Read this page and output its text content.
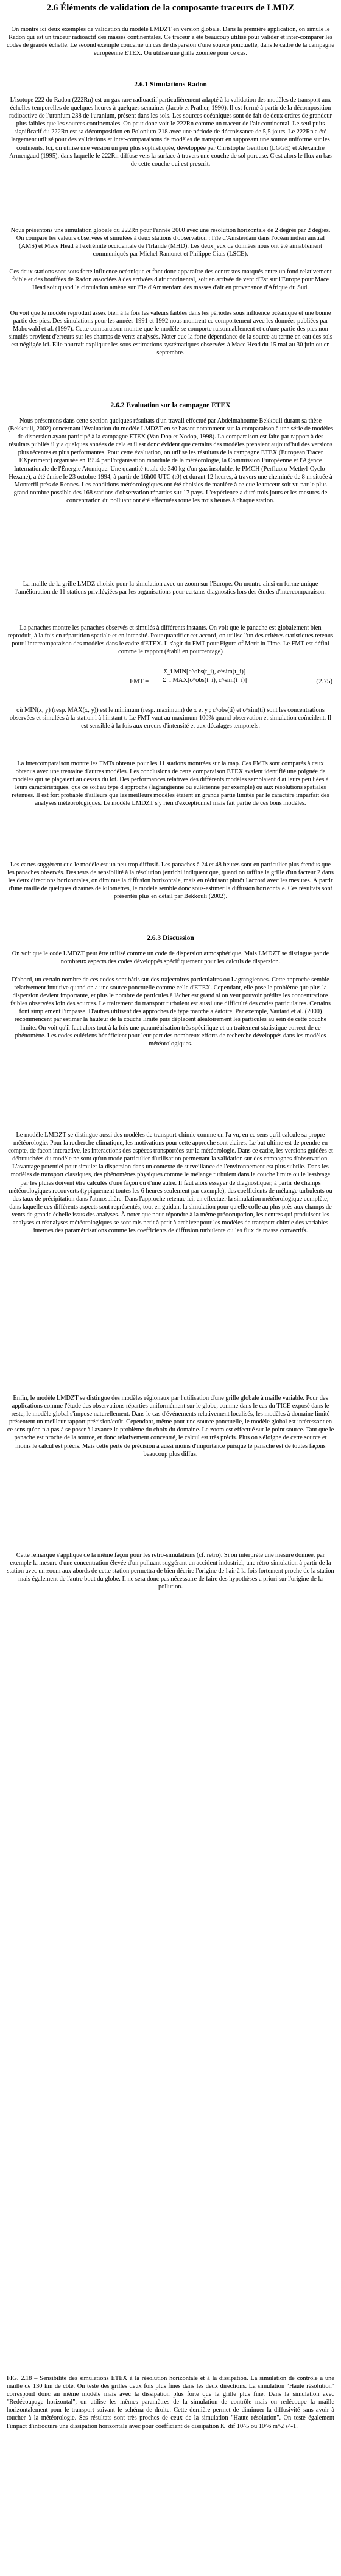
2.6 Éléments de validation de la composante traceurs de LMDZ

On montre ici deux exemples de validation du modèle LMDZT en version globale. Dans la première application, on simule le Radon qui est un traceur radioactif des masses continentales. Ce traceur a été beaucoup utilisé pour valider et inter-comparer les codes de grande échelle. Le second exemple concerne un cas de dispersion d'une source ponctuelle, dans le cadre de la campagne européenne ETEX. On utilise une grille zoomée pour ce cas.

2.6.1 Simulations Radon

L'isotope 222 du Radon (222Rn) est un gaz rare radioactif particulièrement adapté à la validation des modèles de transport aux échelles temporelles de quelques heures à quelques semaines (Jacob et Prather, 1990). Il est formé à partir de la décomposition radioactive de l'uranium 238 de l'uranium, présent dans les sols. Les sources océaniques sont de fait de deux ordres de grandeur plus faibles que les sources continentales. On peut donc voir le 222Rn comme un traceur de l'air continental. Le seul puits significatif du 222Rn est sa décomposition en Polonium-218 avec une période de décroissance de 5,5 jours. Le 222Rn a été largement utilisé pour des validations et inter-comparaisons de modèles de transport en supposant une source uniforme sur les continents. Ici, on utilise une version un peu plus sophistiquée, développée par Christophe Genthon (LGGE) et Alexandre Armengaud (1995), dans laquelle le 222Rn diffuse vers la surface à travers une couche de sol poreuse. C'est alors le flux au bas de cette couche qui est prescrit.

Nous présentons une simulation globale du 222Rn pour l'année 2000 avec une résolution horizontale de 2 degrés par 2 degrés. On compare les valeurs observées et simulées à deux stations d'observation : l'île d'Amsterdam dans l'océan indien austral (AMS) et Mace Head à l'extrémité occidentale de l'Irlande (MHD). Les deux jeux de données nous ont été aimablement communiqués par Michel Ramonet et Philippe Ciais (LSCE).

Ces deux stations sont sous forte influence océanique et font donc apparaître des contrastes marqués entre un fond relativement faible et des bouffées de Radon associées à des arrivées d'air continental, soit en arrivée de vent d'Est sur l'Europe pour Mace Head soit quand la circulation amène sur l'île d'Amsterdam des masses d'air en provenance d'Afrique du Sud.

On voit que le modèle reproduit assez bien à la fois les valeurs faibles dans les périodes sous influence océanique et une bonne partie des pics. Des simulations pour les années 1991 et 1992 nous montrent ce comportement avec les données publiées par Mahowald et al. (1997). Cette comparaison montre que le modèle se comporte raisonnablement et qu'une partie des pics non simulés provient d'erreurs sur les champs de vents analysés. Noter que la forte dépendance de la source au terme en eau des sols est négligée ici. Elle pourrait expliquer les sous-estimations systématiques observées à Mace Head du 15 mai au 30 juin ou en septembre.

2.6.2 Evaluation sur la campagne ETEX

Nous présentons dans cette section quelques résultats d'un travail effectué par Abdelmahoume Bekkouli durant sa thèse (Bekkouli, 2002) concernant l'évaluation du modèle LMDZT en se basant notamment sur la comparaison à une série de modèles de dispersion ayant participé à la campagne ETEX (Van Dop et Nodop, 1998). La comparaison est faite par rapport à des résultats publiés il y a quelques années de cela et il est donc évident que certains des modèles prenaient aujourd'hui des versions plus récentes et plus performantes. Pour cette évaluation, on utilise les résultats de la campagne ETEX (European Tracer EXperiment) organisée en 1994 par l'organisation mondiale de la météorologie, la Commission Européenne et l'Agence Internationale de l'Énergie Atomique. Une quantité totale de 340 kg d'un gaz insoluble, le PMCH (Perfluoro-Methyl-Cyclo-Hexane), a été émise le 23 octobre 1994, à partir de 16h00 UTC (t0) et durant 12 heures, à travers une cheminée de 8 m située à Monterfil près de Rennes. Les conditions météorologiques ont été choisies de manière à ce que le traceur soit vu par le plus grand nombre possible des 168 stations d'observation réparties sur 17 pays. L'expérience a duré trois jours et les mesures de concentration du polluant ont été effectuées toute les trois heures à chaque station.

La maille de la grille LMDZ choisie pour la simulation avec un zoom sur l'Europe. On montre ainsi en forme unique l'amélioration de 11 stations privilégiées par les organisations pour certains diagnostics lors des études d'intercomparaison.

La panaches montre les panaches observés et simulés à différents instants. On voit que le panache est globalement bien reproduit, à la fois en répartition spatiale et en intensité. Pour quantifier cet accord, on utilise l'un des critères statistiques retenus pour l'intercomparaison des modèles dans le cadre d'ETEX. Il s'agit du FMT pour Figure of Merit in Time. Le FMT est défini comme le rapport (établi en pourcentage)

FMT =
Σ_i MIN[c^obs(t_i), c^sim(t_i)]
Σ_i MAX[c^obs(t_i), c^sim(t_i)]	(2.75)

où MIN(x, y) (resp. MAX(x, y)) est le minimum (resp. maximum) de x et y ; c^obs(ti) et c^sim(ti) sont les concentrations observées et simulées à la station i à l'instant t. Le FMT vaut au maximum 100% quand observation et simulation coïncident. Il est sensible à la fois aux erreurs d'intensité et aux décalages temporels.

La intercomparaison montre les FMTs obtenus pour les 11 stations montrées sur la map. Ces FMTs sont comparés à ceux obtenus avec une trentaine d'autres modèles. Les conclusions de cette comparaison ETEX avaient identifié une poignée de modèles qui se plaçaient au dessus du lot. Des performances relatives des différents modèles semblaient d'ailleurs peu liées à leurs caractéristiques, que ce soit au type d'approche (lagrangienne ou eulérienne par exemple) ou aux résolutions spatiales retenues. Il est fort probable d'ailleurs que les meilleurs modèles étaient en grande partie limités par le caractère imparfait des analyses météorologiques. Le modèle LMDZT s'y rien d'exceptionnel mais fait partie de ces bons modèles.

Les cartes suggèrent que le modèle est un peu trop diffusif. Les panaches à 24 et 48 heures sont en particulier plus étendus que les panaches observés. Des tests de sensibilité à la résolution (enrichi indiquent que, quand on raffine la grille d'un facteur 2 dans les deux directions horizontales, on diminue la diffusion horizontale, mais en réduisant plutôt l'accord avec les mesures. À partir d'une maille de quelques dizaines de kilomètres, le modèle semble donc sous-estimer la diffusion horizontale. Ces résultats sont présentés plus en détail par Bekkouli (2002).

2.6.3 Discussion

On voit que le code LMDZT peut être utilisé comme un code de dispersion atmosphérique. Mais LMDZT se distingue par de nombreux aspects des codes développés spécifiquement pour les calculs de dispersion.

D'abord, un certain nombre de ces codes sont bâtis sur des trajectoires particulaires ou Lagrangiennes. Cette approche semble relativement intuitive quand on a une source ponctuelle comme celle d'ETEX. Cependant, elle pose le problème que plus la dispersion devient importante, et plus le nombre de particules à lâcher est grand si on veut pouvoir prédire les concentrations faibles observées loin des sources. Le traitement du transport turbulent est aussi une difficulté des codes particulaires. Certains font simplement l'impasse. D'autres utilisent des approches de type marche aléatoire. Par exemple, Vautard et al. (2000) recommencent par estimer la hauteur de la couche limite puis déplacent aléatoirement les particules au sein de cette couche limite. On voit qu'il faut alors tout à la fois une paramétrisation très spécifique et un traitement statistique correct de ce phénomène. Les codes eulériens bénéficient pour leur part des nombreux efforts de recherche développés dans les modèles météorologiques.

Le modèle LMDZT se distingue aussi des modèles de transport-chimie comme on l'a vu, en ce sens qu'il calcule sa propre météorologie. Pour la recherche climatique, les motivations pour cette approche sont claires. Le but ultime est de prendre en compte, de façon interactive, les interactions des espèces transportées sur la météorologie. Dans ce cadre, les versions guidées et débrauchées du modèle ne sont qu'un mode particulier d'utilisation permettant la validation sur des campagnes d'observation. L'avantage potentiel pour simuler la dispersion dans un contexte de surveillance de l'environnement est plus subtile. Dans les modèles de transport classiques, des phénomènes physiques comme le mélange turbulent dans la couche limite ou le lessivage par les pluies doivent être calculés d'une façon ou d'une autre. Il faut alors essayer de diagnostiquer, à partir de champs météorologiques recouverts (typiquement toutes les 6 heures seulement par exemple), des coefficients de mélange turbulents ou des taux de précipitation dans l'atmosphère. Dans l'approche retenue ici, en effectuer la simulation météorologique complète, dans laquelle ces différents aspects sont représentés, tout en guidant la simulation pour qu'elle colle au plus près aux champs de vents de grande échelle issus des analyses. À noter que pour répondre à la même préoccupation, les centres qui produisent les analyses et réanalyses météorologiques se sont mis petit à petit à archiver pour les modèles de transport-chimie des variables internes des paramétrisations comme les coefficients de diffusion turbulente ou les flux de masse convectifs.

Enfin, le modèle LMDZT se distingue des modèles régionaux par l'utilisation d'une grille globale à maille variable. Pour des applications comme l'étude des observations réparties uniformément sur le globe, comme dans le cas du TICE exposé dans le reste, le modèle global s'impose naturellement. Dans le cas d'événements relativement localisés, les modèles à domaine limité présentent un meilleur rapport précision/coût. Cependant, même pour une source ponctuelle, le modèle global est intéressant en ce sens qu'on n'a pas à se poser à l'avance le problème du choix du domaine. Le zoom est effectué sur le point source. Tant que le panache est proche de la source, et donc relativement concentré, le calcul est très précis. Plus on s'éloigne de cette source et moins le calcul est précis. Mais cette perte de précision a aussi moins d'importance puisque le panache est de toutes façons beaucoup plus diffus.

Cette remarque s'applique de la même façon pour les retro-simulations (cf. retro). Si on interprète une mesure donnée, par exemple la mesure d'une concentration élevée d'un polluant suggérant un accident industriel, une rétro-simulation à partir de la station avec un zoom aux abords de cette station permettra de bien décrire l'origine de l'air à la fois fortement proche de la station mais également de l'autre bout du globe. Il ne sera donc pas nécessaire de faire des hypothèses a priori sur l'origine de la pollution.

FIG. 2.18 – Sensibilité des simulations ETEX à la résolution horizontale et à la dissipation. La simulation de contrôle a une maille de 130 km de côté. On teste des grilles deux fois plus fines dans les deux directions. La simulation "Haute résolution" correspond donc au même modèle mais avec la dissipation plus forte que la grille plus fine. Dans la simulation avec "Redécoupage horizontal", on utilise les mêmes paramètres de la simulation de contrôle mais on redécoupe la maille horizontalement pour le transport suivant le schéma de droite. Cette dernière permet de diminuer la diffusivité sans avoir à toucher à la météorologie. Ses résultats sont très proches de ceux de la simulation "Haute résolution". On teste également l'impact d'introduire une dissipation horizontale avec pour coefficient de dissipation K_dif 10^5 ou 10^6 m^2 s^-1.
